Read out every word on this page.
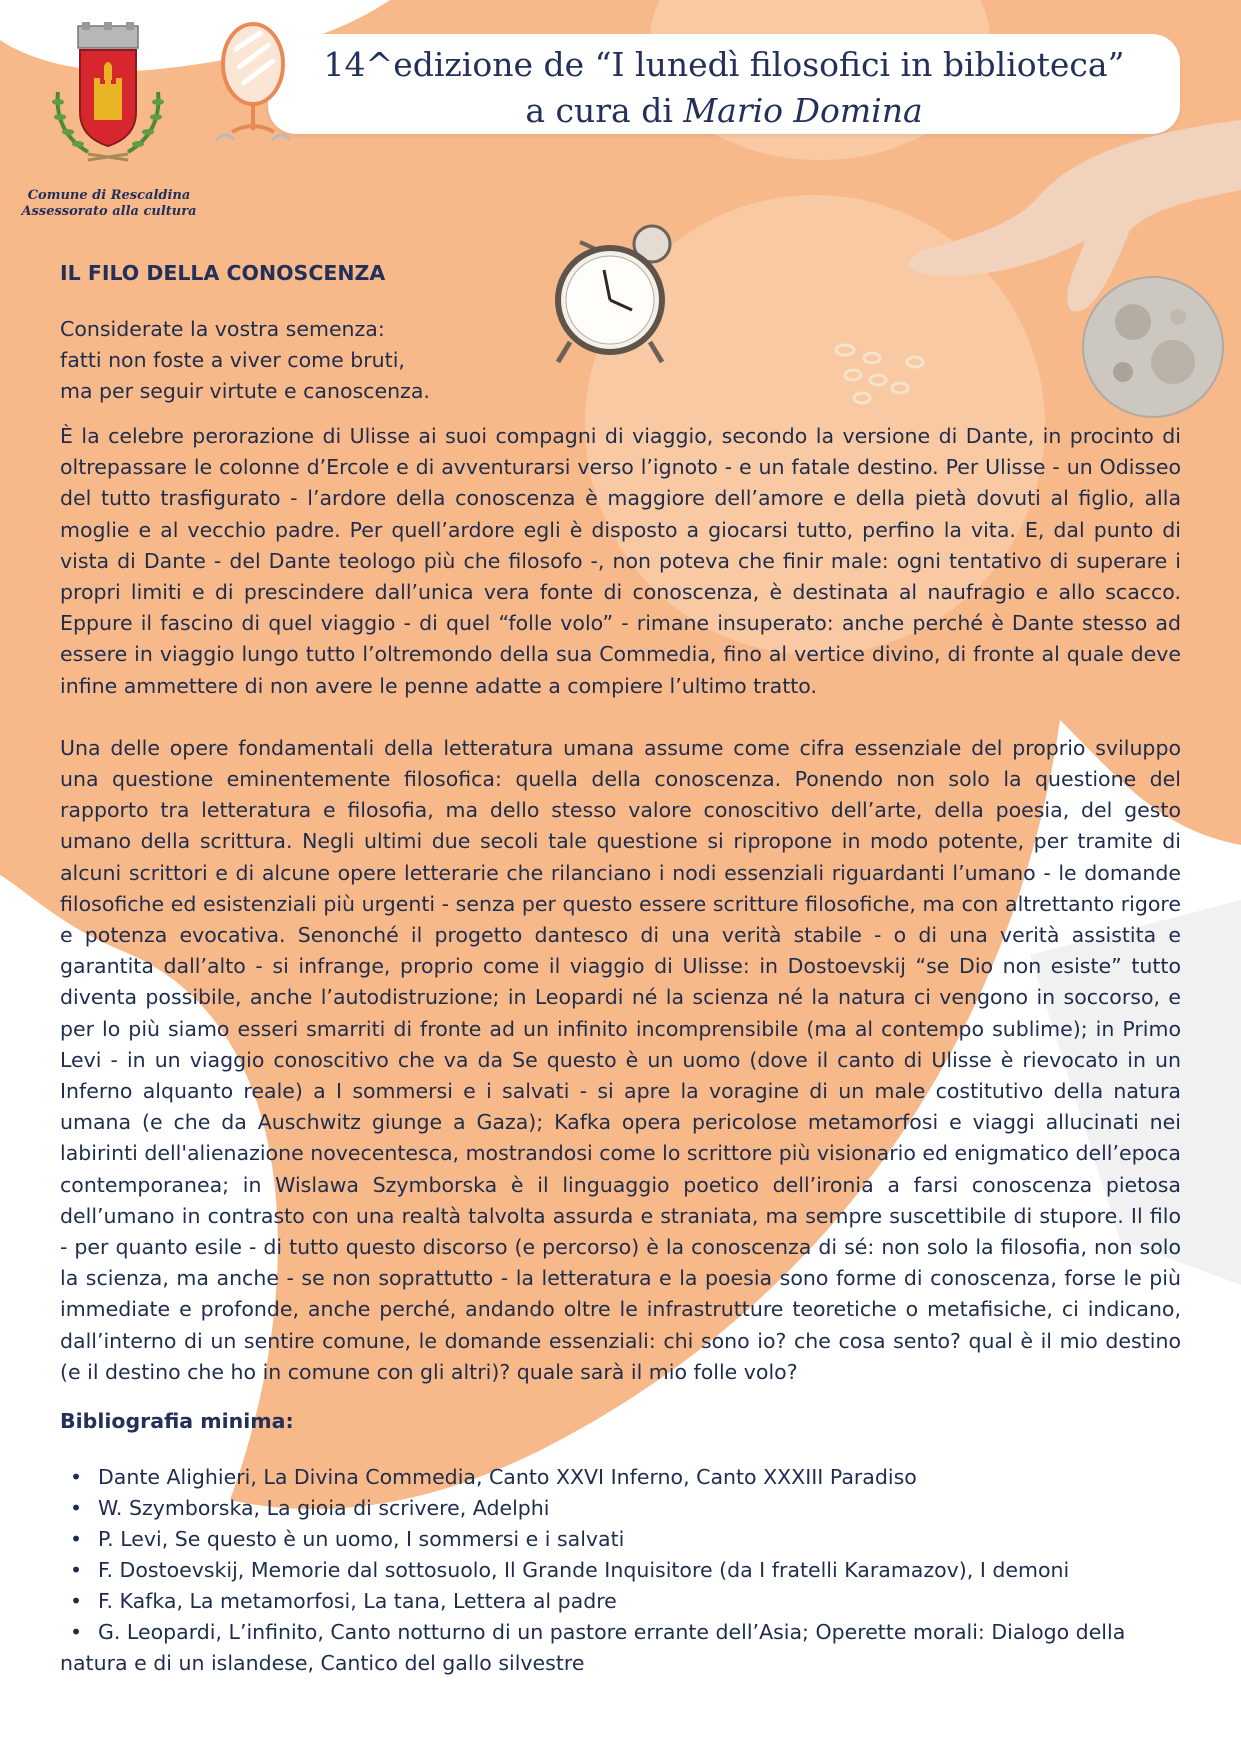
14^edizione de “I lunedì filosofici in biblioteca”
a cura di Mario Domina
Comune di Rescaldina
Assessorato alla cultura
IL FILO DELLA CONOSCENZA
Considerate la vostra semenza:
fatti non foste a viver come bruti,
ma per seguir virtute e canoscenza.

È la celebre perorazione di Ulisse ai suoi compagni di viaggio, secondo la versione di Dante, in procinto di oltrepassare le colonne d’Ercole e di avventurarsi verso l’ignoto - e un fatale destino. Per Ulisse - un Odisseo del tutto trasfigurato - l’ardore della conoscenza è maggiore dell’amore e della pietà dovuti al figlio, alla moglie e al vecchio padre. Per quell’ardore egli è disposto a giocarsi tutto, perfino la vita. E, dal punto di vista di Dante - del Dante teologo più che filosofo -, non poteva che finir male: ogni tentativo di superare i propri limiti e di prescindere dall’unica vera fonte di conoscenza, è destinata al naufragio e allo scacco. Eppure il fascino di quel viaggio - di quel “folle volo” - rimane insuperato: anche perché è Dante stesso ad essere in viaggio lungo tutto l’oltremondo della sua Commedia, fino al vertice divino, di fronte al quale deve infine ammettere di non avere le penne adatte a compiere l’ultimo tratto.

Una delle opere fondamentali della letteratura umana assume come cifra essenziale del proprio sviluppo una questione eminentemente filosofica: quella della conoscenza. Ponendo non solo la questione del rapporto tra letteratura e filosofia, ma dello stesso valore conoscitivo dell’arte, della poesia, del gesto umano della scrittura. Negli ultimi due secoli tale questione si ripropone in modo potente, per tramite di alcuni scrittori e di alcune opere letterarie che rilanciano i nodi essenziali riguardanti l’umano - le domande filosofiche ed esistenziali più urgenti - senza per questo essere scritture filosofiche, ma con altrettanto rigore e potenza evocativa. Senonché il progetto dantesco di una verità stabile - o di una verità assistita e garantita dall’alto - si infrange, proprio come il viaggio di Ulisse: in Dostoevskij “se Dio non esiste” tutto diventa possibile, anche l’autodistruzione; in Leopardi né la scienza né la natura ci vengono in soccorso, e per lo più siamo esseri smarriti di fronte ad un infinito incomprensibile (ma al contempo sublime); in Primo Levi - in un viaggio conoscitivo che va da Se questo è un uomo (dove il canto di Ulisse è rievocato in un Inferno alquanto reale) a I sommersi e i salvati - si apre la voragine di un male costitutivo della natura umana (e che da Auschwitz giunge a Gaza); Kafka opera pericolose metamorfosi e viaggi allucinati nei labirinti dell'alienazione novecentesca, mostrandosi come lo scrittore più visionario ed enigmatico dell’epoca contemporanea; in Wislawa Szymborska è il linguaggio poetico dell’ironia a farsi conoscenza pietosa dell’umano in contrasto con una realtà talvolta assurda e straniata, ma sempre suscettibile di stupore. Il filo - per quanto esile - di tutto questo discorso (e percorso) è la conoscenza di sé: non solo la filosofia, non solo la scienza, ma anche - se non soprattutto - la letteratura e la poesia sono forme di conoscenza, forse le più immediate e profonde, anche perché, andando oltre le infrastrutture teoretiche o metafisiche, ci indicano, dall’interno di un sentire comune, le domande essenziali: chi sono io? che cosa sento? qual è il mio destino (e il destino che ho in comune con gli altri)? quale sarà il mio folle volo?

Bibliografia minima:
• Dante Alighieri, La Divina Commedia, Canto XXVI Inferno, Canto XXXIII Paradiso
• W. Szymborska, La gioia di scrivere, Adelphi
• P. Levi, Se questo è un uomo, I sommersi e i salvati
• F. Dostoevskij, Memorie dal sottosuolo, Il Grande Inquisitore (da I fratelli Karamazov), I demoni
• F. Kafka, La metamorfosi, La tana, Lettera al padre
• G. Leopardi, L’infinito, Canto notturno di un pastore errante dell’Asia; Operette morali: Dialogo della natura e di un islandese, Cantico del gallo silvestre
